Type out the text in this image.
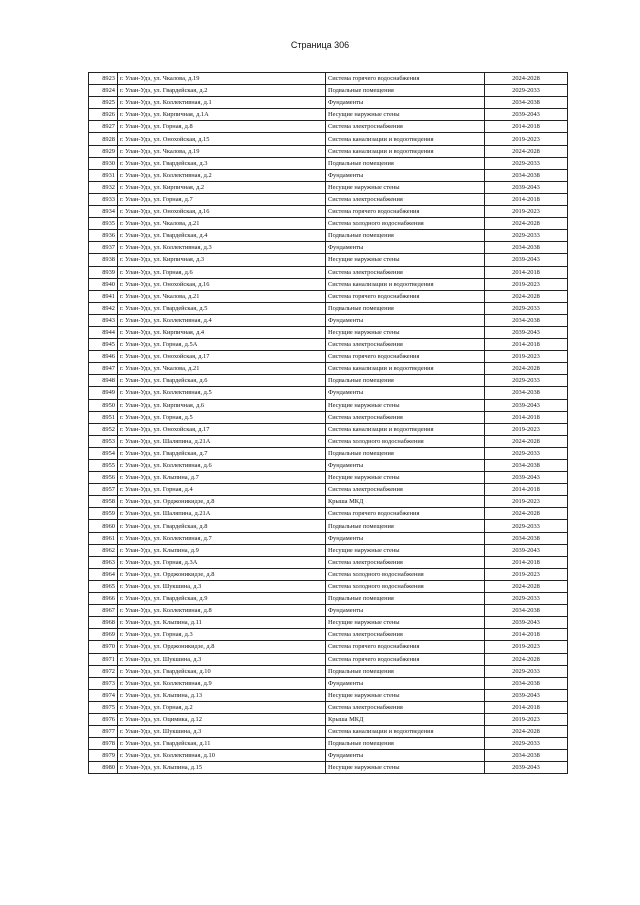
Страница 306
8923	г. Улан-Удэ, ул. Чкалова, д.19	Система горячего водоснабжения	2024-2028
8924	г. Улан-Удэ, ул. Гвардейская, д.2	Подвальные помещения	2029-2033
8925	г. Улан-Удэ, ул. Коллективная, д.1	Фундаменты	2034-2038
8926	г. Улан-Удэ, ул. Кирпичная, д.1А	Несущие наружные стены	2039-2043
8927	г. Улан-Удэ, ул. Горная, д.8	Система электроснабжения	2014-2018
8928	г. Улан-Удэ, ул. Онохойская, д.15	Система канализации и водоотведения	2019-2023
8929	г. Улан-Удэ, ул. Чкалова, д.19	Система канализации и водоотведения	2024-2028
8930	г. Улан-Удэ, ул. Гвардейская, д.3	Подвальные помещения	2029-2033
8931	г. Улан-Удэ, ул. Коллективная, д.2	Фундаменты	2034-2038
8932	г. Улан-Удэ, ул. Кирпичная, д.2	Несущие наружные стены	2039-2043
8933	г. Улан-Удэ, ул. Горная, д.7	Система электроснабжения	2014-2018
8934	г. Улан-Удэ, ул. Онохойская, д.16	Система горячего водоснабжения	2019-2023
8935	г. Улан-Удэ, ул. Чкалова, д.21	Система холодного водоснабжения	2024-2028
8936	г. Улан-Удэ, ул. Гвардейская, д.4	Подвальные помещения	2029-2033
8937	г. Улан-Удэ, ул. Коллективная, д.3	Фундаменты	2034-2038
8938	г. Улан-Удэ, ул. Кирпичная, д.3	Несущие наружные стены	2039-2043
8939	г. Улан-Удэ, ул. Горная, д.6	Система электроснабжения	2014-2018
8940	г. Улан-Удэ, ул. Онохойская, д.16	Система канализации и водоотведения	2019-2023
8941	г. Улан-Удэ, ул. Чкалова, д.21	Система горячего водоснабжения	2024-2028
8942	г. Улан-Удэ, ул. Гвардейская, д.5	Подвальные помещения	2029-2033
8943	г. Улан-Удэ, ул. Коллективная, д.4	Фундаменты	2034-2038
8944	г. Улан-Удэ, ул. Кирпичная, д.4	Несущие наружные стены	2039-2043
8945	г. Улан-Удэ, ул. Горная, д.5А	Система электроснабжения	2014-2018
8946	г. Улан-Удэ, ул. Онохойская, д.17	Система горячего водоснабжения	2019-2023
8947	г. Улан-Удэ, ул. Чкалова, д.21	Система канализации и водоотведения	2024-2028
8948	г. Улан-Удэ, ул. Гвардейская, д.6	Подвальные помещения	2029-2033
8949	г. Улан-Удэ, ул. Коллективная, д.5	Фундаменты	2034-2038
8950	г. Улан-Удэ, ул. Кирпичная, д.6	Несущие наружные стены	2039-2043
8951	г. Улан-Удэ, ул. Горная, д.5	Система электроснабжения	2014-2018
8952	г. Улан-Удэ, ул. Онохойская, д.17	Система канализации и водоотведения	2019-2023
8953	г. Улан-Удэ, ул. Шаляпина, д.21А	Система холодного водоснабжения	2024-2028
8954	г. Улан-Удэ, ул. Гвардейская, д.7	Подвальные помещения	2029-2033
8955	г. Улан-Удэ, ул. Коллективная, д.6	Фундаменты	2034-2038
8956	г. Улан-Удэ, ул. Клыпина, д.7	Несущие наружные стены	2039-2043
8957	г. Улан-Удэ, ул. Горная, д.4	Система электроснабжения	2014-2018
8958	г. Улан-Удэ, ул. Орджоникидзе, д.8	Крыша МКД	2019-2023
8959	г. Улан-Удэ, ул. Шаляпина, д.21А	Система горячего водоснабжения	2024-2028
8960	г. Улан-Удэ, ул. Гвардейская, д.8	Подвальные помещения	2029-2033
8961	г. Улан-Удэ, ул. Коллективная, д.7	Фундаменты	2034-2038
8962	г. Улан-Удэ, ул. Клыпина, д.9	Несущие наружные стены	2039-2043
8963	г. Улан-Удэ, ул. Горная, д.3А	Система электроснабжения	2014-2018
8964	г. Улан-Удэ, ул. Орджоникидзе, д.8	Система холодного водоснабжения	2019-2023
8965	г. Улан-Удэ, ул. Шукшина, д.3	Система холодного водоснабжения	2024-2028
8966	г. Улан-Удэ, ул. Гвардейская, д.9	Подвальные помещения	2029-2033
8967	г. Улан-Удэ, ул. Коллективная, д.8	Фундаменты	2034-2038
8968	г. Улан-Удэ, ул. Клыпина, д.11	Несущие наружные стены	2039-2043
8969	г. Улан-Удэ, ул. Горная, д.3	Система электроснабжения	2014-2018
8970	г. Улан-Удэ, ул. Орджоникидзе, д.8	Система горячего водоснабжения	2019-2023
8971	г. Улан-Удэ, ул. Шукшина, д.3	Система горячего водоснабжения	2024-2028
8972	г. Улан-Удэ, ул. Гвардейская, д.10	Подвальные помещения	2029-2033
8973	г. Улан-Удэ, ул. Коллективная, д.9	Фундаменты	2034-2038
8974	г. Улан-Удэ, ул. Клыпина, д.13	Несущие наружные стены	2039-2043
8975	г. Улан-Удэ, ул. Горная, д.2	Система электроснабжения	2014-2018
8976	г. Улан-Удэ, ул. Оцимика, д.12	Крыша МКД	2019-2023
8977	г. Улан-Удэ, ул. Шукшина, д.3	Система канализации и водоотведения	2024-2028
8978	г. Улан-Удэ, ул. Гвардейская, д.11	Подвальные помещения	2029-2033
8979	г. Улан-Удэ, ул. Коллективная, д.10	Фундаменты	2034-2038
8980	г. Улан-Удэ, ул. Клыпина, д.15	Несущие наружные стены	2039-2043
